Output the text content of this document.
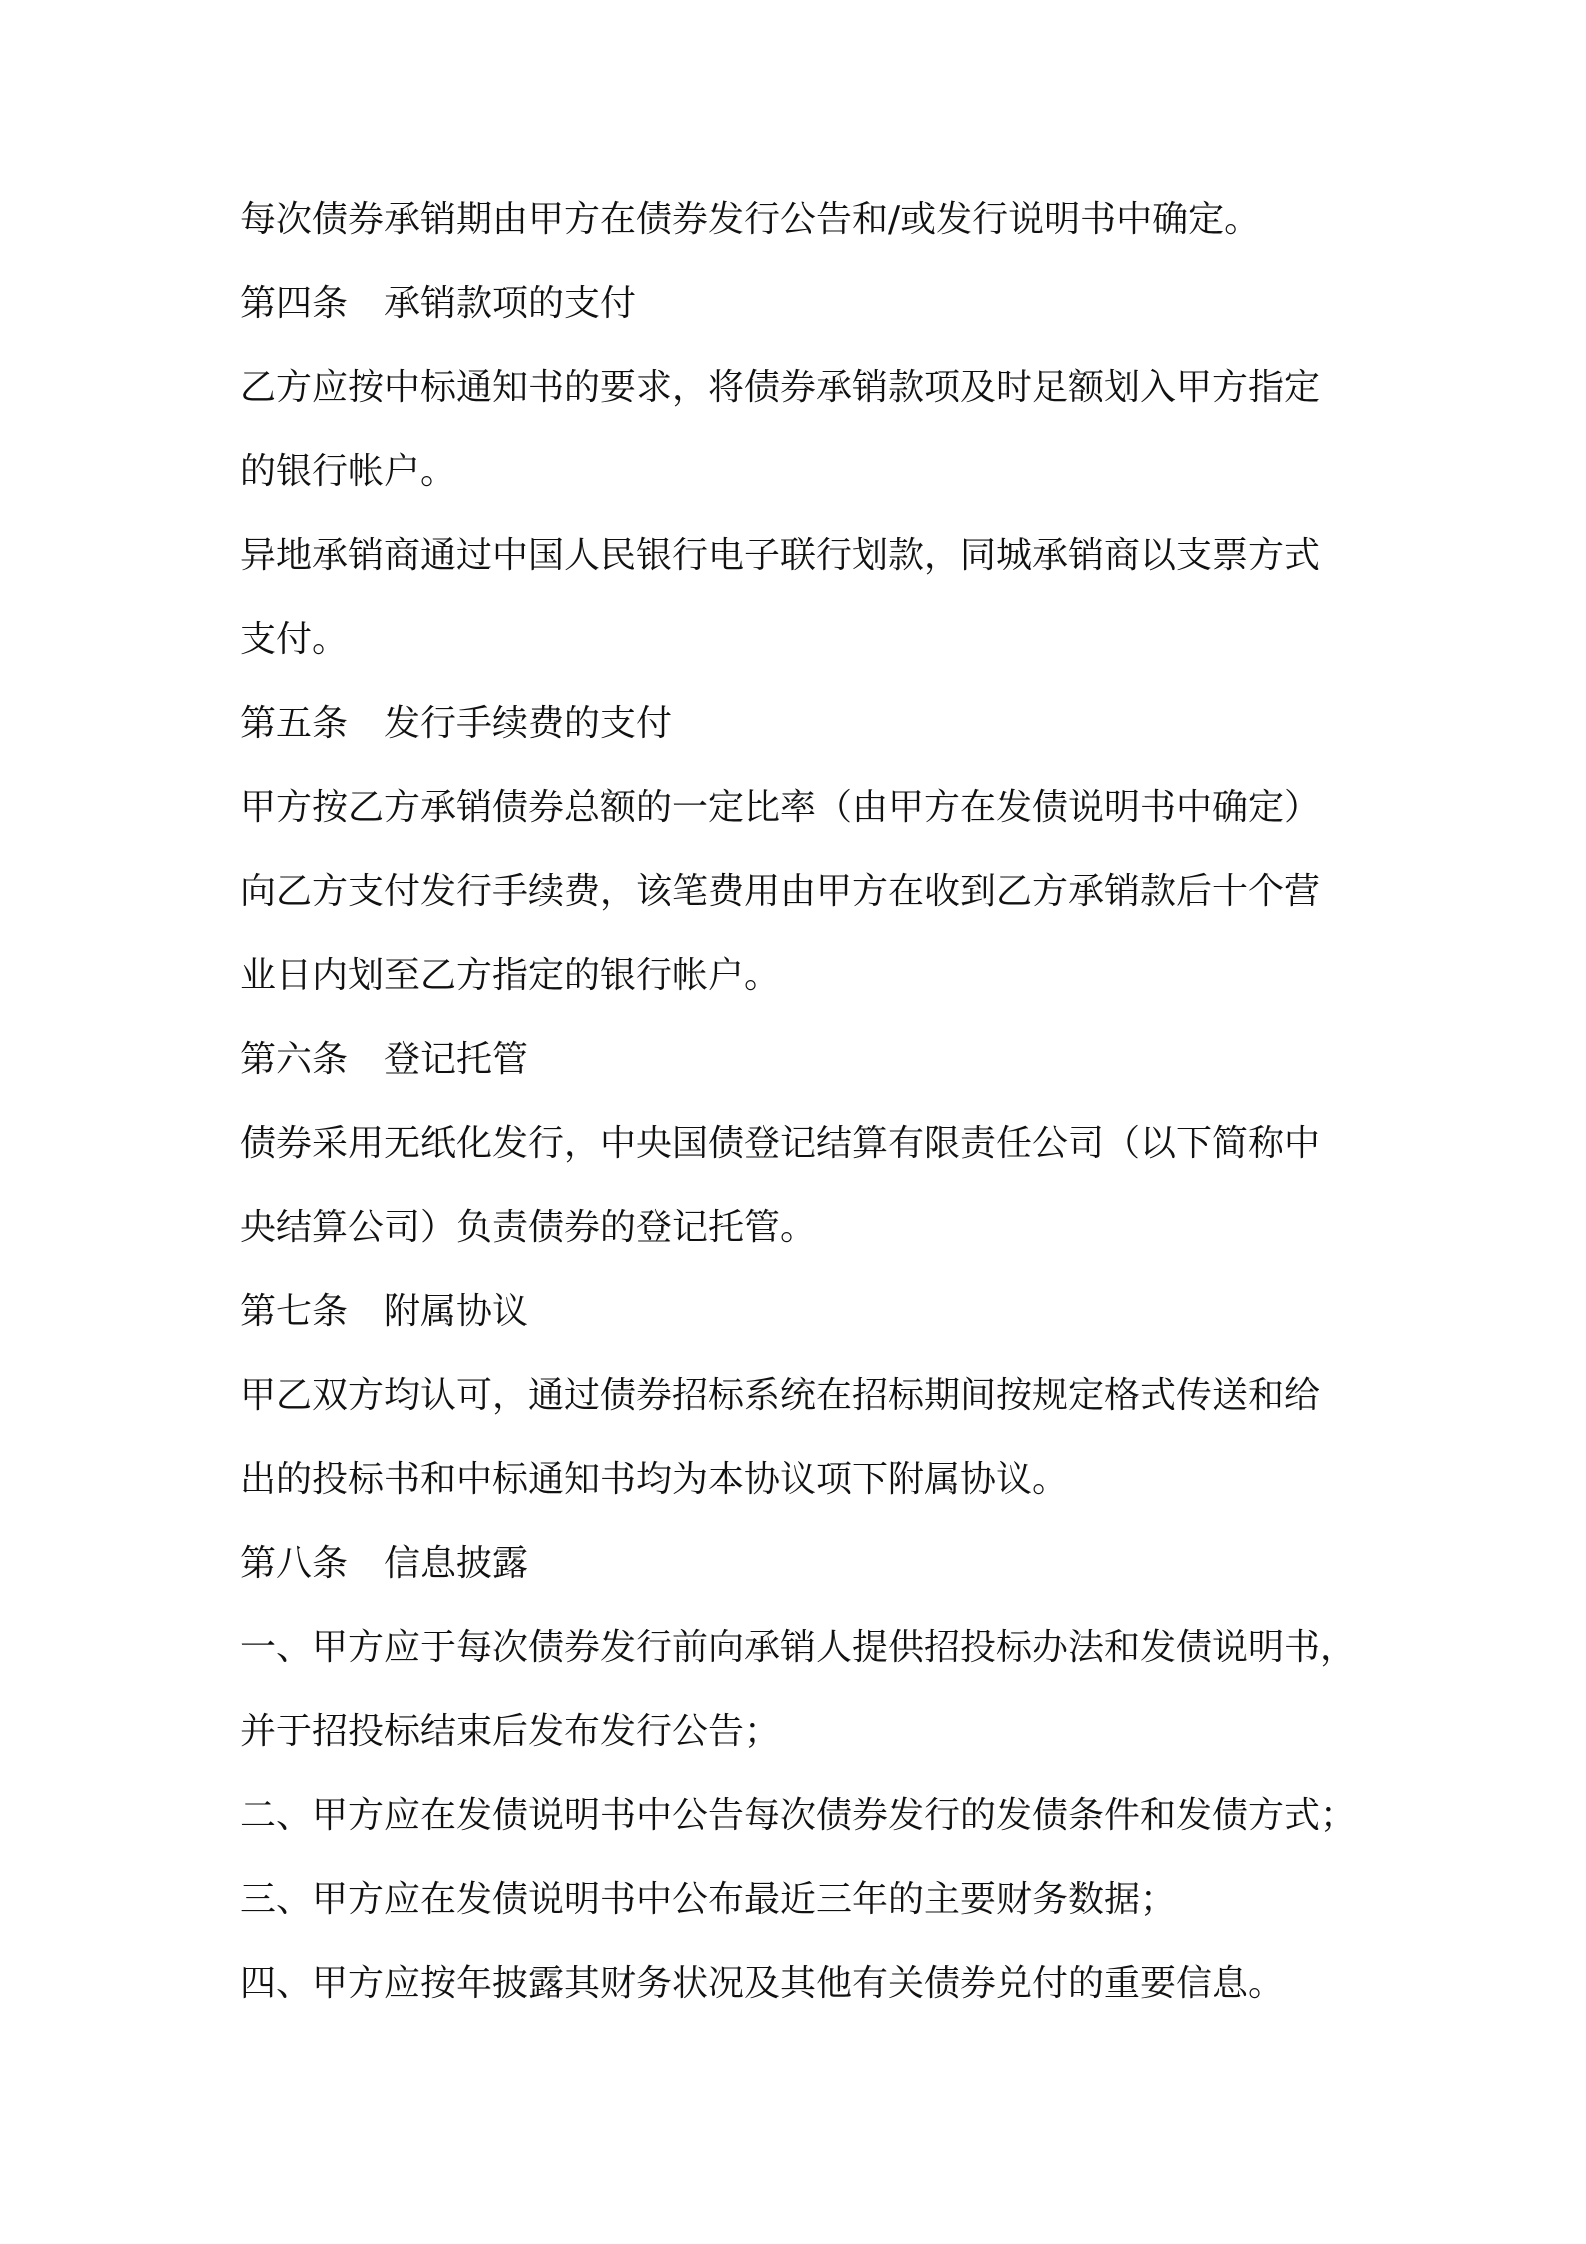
每次债券承销期由甲方在债券发行公告和/或发行说明书中确定。
第四条　承销款项的支付
乙方应按中标通知书的要求，将债券承销款项及时足额划入甲方指定
的银行帐户。
异地承销商通过中国人民银行电子联行划款，同城承销商以支票方式
支付。
第五条　发行手续费的支付
甲方按乙方承销债券总额的一定比率（由甲方在发债说明书中确定）
向乙方支付发行手续费，该笔费用由甲方在收到乙方承销款后十个营
业日内划至乙方指定的银行帐户。
第六条　登记托管
债券采用无纸化发行，中央国债登记结算有限责任公司（以下简称中
央结算公司）负责债券的登记托管。
第七条　附属协议
甲乙双方均认可，通过债券招标系统在招标期间按规定格式传送和给
出的投标书和中标通知书均为本协议项下附属协议。
第八条　信息披露
一、甲方应于每次债券发行前向承销人提供招投标办法和发债说明书，
并于招投标结束后发布发行公告；
二、甲方应在发债说明书中公告每次债券发行的发债条件和发债方式；
三、甲方应在发债说明书中公布最近三年的主要财务数据；
四、甲方应按年披露其财务状况及其他有关债券兑付的重要信息。
